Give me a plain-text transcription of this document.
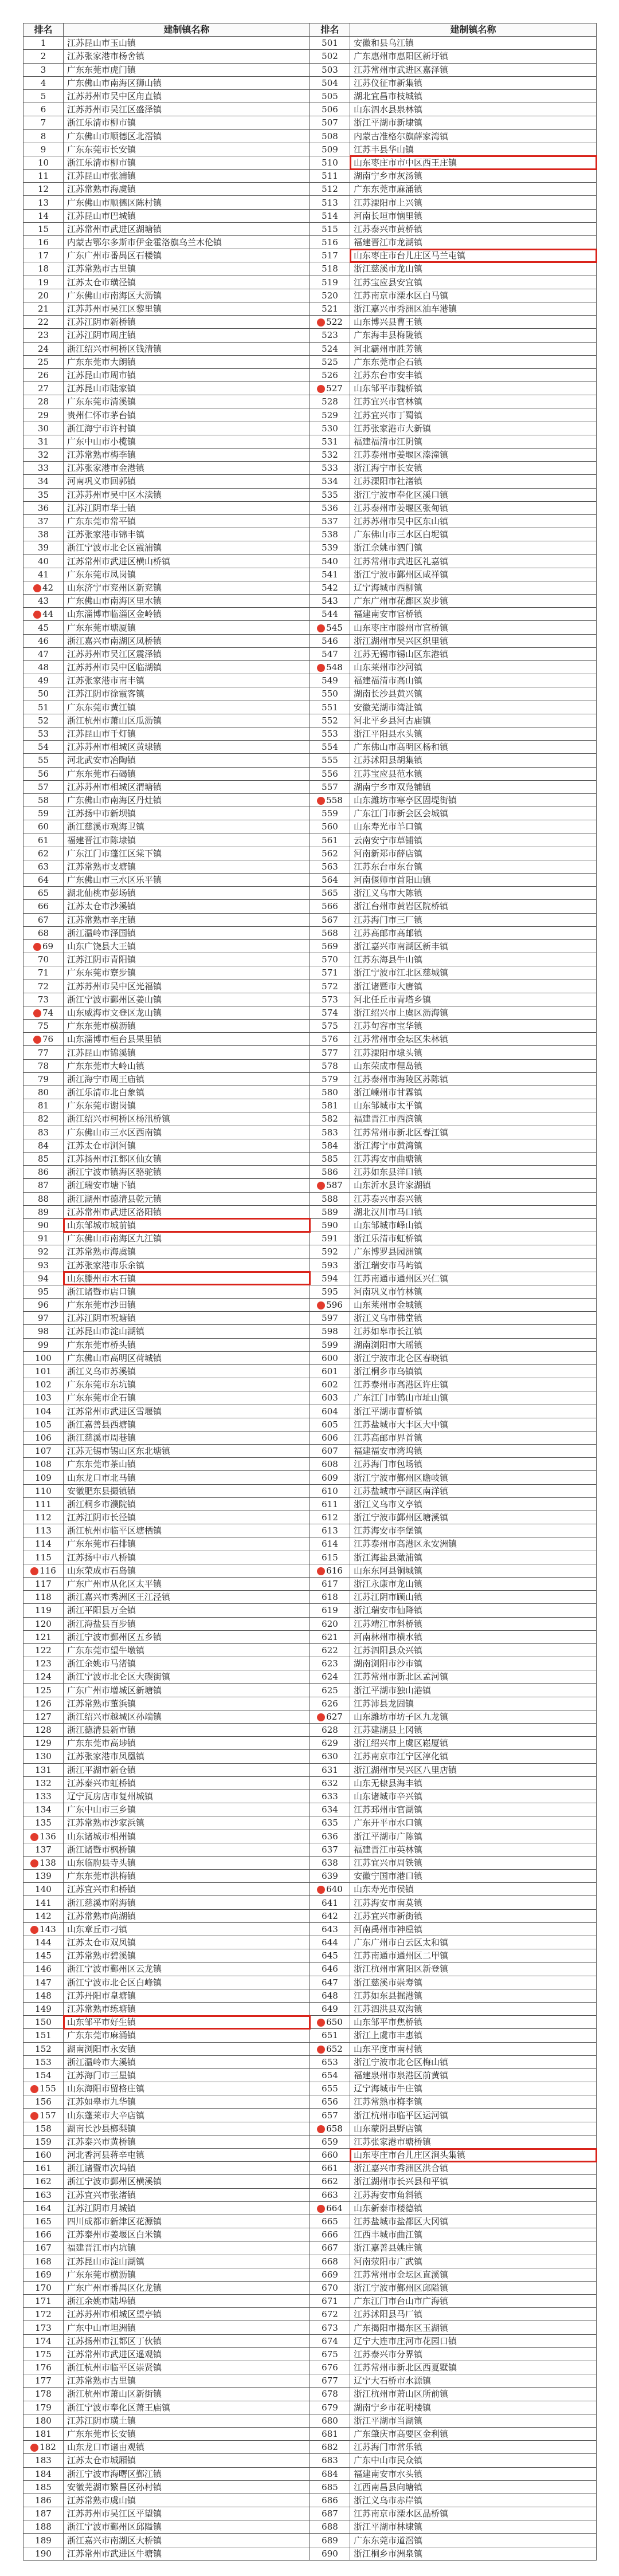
排名	建制镇名称	排名	建制镇名称
1	江苏昆山市玉山镇	501	安徽和县乌江镇
2	江苏张家港市杨舍镇	502	广东惠州市惠阳区新圩镇
3	广东东莞市虎门镇	503	江苏常州市武进区嘉泽镇
4	广东佛山市南海区狮山镇	504	江苏仪征市新集镇
5	江苏苏州市吴中区甪直镇	505	湖北宜昌市枝城镇
6	江苏苏州市吴江区盛泽镇	506	山东泗水县泉林镇
7	浙江乐清市柳市镇	507	浙江平湖市新埭镇
8	广东佛山市顺德区北滘镇	508	内蒙古准格尔旗薛家湾镇
9	广东东莞市长安镇	509	江苏丰县华山镇
10	浙江乐清市柳市镇	510	山东枣庄市市中区西王庄镇
11	江苏昆山市张浦镇	511	湖南宁乡市灰汤镇
12	江苏常熟市海虞镇	512	广东东莞市麻涌镇
13	广东佛山市顺德区陈村镇	513	江苏溧阳市上兴镇
14	江苏昆山市巴城镇	514	河南长垣市恼里镇
15	江苏常州市武进区湖塘镇	515	江苏泰兴市黄桥镇
16	内蒙古鄂尔多斯市伊金霍洛旗乌兰木伦镇	516	福建晋江市龙湖镇
17	广东广州市番禺区石楼镇	517	山东枣庄市台儿庄区马兰屯镇
18	江苏常熟市古里镇	518	浙江慈溪市龙山镇
19	江苏太仓市璜泾镇	519	江苏宝应县安宜镇
20	广东佛山市南海区大沥镇	520	江苏南京市溧水区白马镇
21	江苏苏州市吴江区黎里镇	521	浙江嘉兴市秀洲区油车港镇
22	江苏江阴市新桥镇	522	山东博兴县曹王镇
23	江苏江阴市周庄镇	523	广东海丰县梅陇镇
24	浙江绍兴市柯桥区钱清镇	524	河北霸州市胜芳镇
25	广东东莞市大朗镇	525	广东东莞市企石镇
26	江苏昆山市周市镇	526	江苏东台市安丰镇
27	江苏昆山市陆家镇	527	山东邹平市魏桥镇
28	广东东莞市清溪镇	528	江苏宜兴市官林镇
29	贵州仁怀市茅台镇	529	江苏宜兴市丁蜀镇
30	浙江海宁市许村镇	530	江苏张家港市大新镇
31	广东中山市小榄镇	531	福建福清市江阴镇
32	江苏常熟市梅李镇	532	江苏泰州市姜堰区溱潼镇
33	江苏张家港市金港镇	533	浙江海宁市长安镇
34	河南巩义市回郭镇	534	江苏溧阳市社渚镇
35	江苏苏州市吴中区木渎镇	535	浙江宁波市奉化区溪口镇
36	江苏江阴市华士镇	536	江苏泰州市姜堰区张甸镇
37	广东东莞市常平镇	537	江苏苏州市吴中区东山镇
38	江苏张家港市锦丰镇	538	广东佛山市三水区白坭镇
39	浙江宁波市北仑区霞浦镇	539	浙江余姚市泗门镇
40	江苏常州市武进区横山桥镇	540	江苏常州市武进区礼嘉镇
41	广东东莞市凤岗镇	541	浙江宁波市鄞州区咸祥镇
42	山东济宁市兖州区新兖镇	542	辽宁海城市西柳镇
43	广东佛山市南海区里水镇	543	广东广州市花都区炭步镇
44	山东淄博市临淄区金岭镇	544	福建南安市官桥镇
45	广东东莞市塘厦镇	545	山东枣庄市滕州市官桥镇
46	浙江嘉兴市南湖区凤桥镇	546	浙江湖州市吴兴区织里镇
47	江苏苏州市吴江区震泽镇	547	江苏无锡市锡山区东港镇
48	江苏苏州市吴中区临湖镇	548	山东莱州市沙河镇
49	江苏张家港市南丰镇	549	福建福清市高山镇
50	江苏江阴市徐霞客镇	550	湖南长沙县黄兴镇
51	广东东莞市黄江镇	551	安徽芜湖市湾沚镇
52	浙江杭州市萧山区瓜沥镇	552	河北平乡县河古庙镇
53	江苏昆山市千灯镇	553	浙江平阳县水头镇
54	江苏苏州市相城区黄埭镇	554	广东佛山市高明区杨和镇
55	河北武安市冶陶镇	555	江苏沭阳县胡集镇
56	广东东莞市石碣镇	556	江苏宝应县范水镇
57	江苏苏州市相城区渭塘镇	557	湖南宁乡市双凫铺镇
58	广东佛山市南海区丹灶镇	558	山东潍坊市寒亭区固堤街镇
59	江苏扬中市新坝镇	559	广东江门市新会区会城镇
60	浙江慈溪市观海卫镇	560	山东寿光市羊口镇
61	福建晋江市陈埭镇	561	云南安宁市草铺镇
62	广东江门市蓬江区棠下镇	562	河南新郑市薛店镇
63	江苏常熟市支塘镇	563	江苏东台市东台镇
64	广东佛山市三水区乐平镇	564	河南偃师市首阳山镇
65	湖北仙桃市彭场镇	565	浙江义乌市大陈镇
66	江苏太仓市沙溪镇	566	浙江台州市黄岩区院桥镇
67	江苏常熟市辛庄镇	567	江苏海门市三厂镇
68	浙江温岭市泽国镇	568	江苏高邮市高邮镇
69	山东广饶县大王镇	569	浙江嘉兴市南湖区新丰镇
70	江苏江阴市青阳镇	570	江苏东海县牛山镇
71	广东东莞市寮步镇	571	浙江宁波市江北区慈城镇
72	江苏苏州市吴中区光福镇	572	浙江诸暨市大唐镇
73	浙江宁波市鄞州区姜山镇	573	河北任丘市青塔乡镇
74	山东威海市文登区龙山镇	574	浙江绍兴市上虞区沥海镇
75	广东东莞市横沥镇	575	江苏句容市宝华镇
76	山东淄博市桓台县果里镇	576	江苏常州市金坛区朱林镇
77	江苏昆山市锦溪镇	577	江苏溧阳市埭头镇
78	广东东莞市大岭山镇	578	山东荣成市俚岛镇
79	浙江海宁市周王庙镇	579	江苏泰州市海陵区苏陈镇
80	浙江乐清市北白象镇	580	浙江嵊州市甘霖镇
81	广东东莞市谢岗镇	581	山东邹城市太平镇
82	浙江绍兴市柯桥区杨汛桥镇	582	福建晋江市西滨镇
83	广东佛山市三水区西南镇	583	江苏常州市新北区春江镇
84	江苏太仓市浏河镇	584	浙江海宁市黄湾镇
85	江苏扬州市江都区仙女镇	585	江苏海安市曲塘镇
86	浙江宁波市镇海区骆驼镇	586	江苏如东县洋口镇
87	浙江瑞安市塘下镇	587	山东沂水县许家湖镇
88	浙江湖州市德清县乾元镇	588	江苏泰兴市泰兴镇
89	江苏常州市武进区洛阳镇	589	湖北汉川市马口镇
90	山东邹城市城前镇	590	山东邹城市峄山镇
91	广东佛山市南海区九江镇	591	浙江乐清市虹桥镇
92	江苏常熟市海虞镇	592	广东博罗县园洲镇
93	江苏张家港市乐余镇	593	浙江瑞安市马屿镇
94	山东滕州市木石镇	594	江苏南通市通州区兴仁镇
95	浙江诸暨市店口镇	595	河南巩义市竹林镇
96	广东东莞市沙田镇	596	山东莱州市金城镇
97	江苏江阴市祝塘镇	597	浙江义乌市佛堂镇
98	江苏昆山市淀山湖镇	598	江苏如皋市长江镇
99	广东东莞市桥头镇	599	湖南浏阳市大瑶镇
100	广东佛山市高明区荷城镇	600	浙江宁波市北仑区春晓镇
101	浙江义乌市苏溪镇	601	浙江桐乡市乌镇镇
102	广东东莞市东坑镇	602	江苏泰州市高港区许庄镇
103	广东东莞市企石镇	603	广东江门市鹤山市址山镇
104	江苏常州市武进区雪堰镇	604	浙江平湖市曹桥镇
105	浙江嘉善县西塘镇	605	江苏盐城市大丰区大中镇
106	浙江慈溪市周巷镇	606	江苏高邮市界首镇
107	江苏无锡市锡山区东北塘镇	607	福建福安市湾坞镇
108	广东东莞市茶山镇	608	江苏海门市包场镇
109	山东龙口市北马镇	609	浙江宁波市鄞州区瞻岐镇
110	安徽肥东县撮镇镇	610	江苏盐城市亭湖区南洋镇
111	浙江桐乡市濮院镇	611	浙江义乌市义亭镇
112	江苏江阴市长泾镇	612	浙江宁波市鄞州区塘溪镇
113	浙江杭州市临平区塘栖镇	613	江苏海安市李堡镇
114	广东东莞市石排镇	614	江苏泰州市高港区永安洲镇
115	江苏扬中市八桥镇	615	浙江海盐县澉浦镇
116	山东荣成市石岛镇	616	山东东阿县铜城镇
117	广东广州市从化区太平镇	617	浙江永康市龙山镇
118	浙江嘉兴市秀洲区王江泾镇	618	江苏江阴市顾山镇
119	浙江平阳县万全镇	619	浙江瑞安市仙降镇
120	浙江海盐县百步镇	620	江苏靖江市斜桥镇
121	浙江宁波市鄞州区五乡镇	621	河南林州市横水镇
122	广东东莞市望牛墩镇	622	江苏泗阳县众兴镇
123	浙江余姚市马渚镇	623	湖南浏阳市沙市镇
124	浙江宁波市北仑区大碶街镇	624	江苏常州市新北区孟河镇
125	广东广州市增城区新塘镇	625	浙江平湖市独山港镇
126	江苏常熟市董浜镇	626	江苏沛县龙固镇
127	浙江绍兴市越城区孙端镇	627	山东潍坊市坊子区九龙镇
128	浙江德清县新市镇	628	江苏建湖县上冈镇
129	广东东莞市高埗镇	629	浙江绍兴市上虞区崧厦镇
130	江苏张家港市凤凰镇	630	江苏南京市江宁区淳化镇
131	浙江平湖市新仓镇	631	浙江湖州市吴兴区八里店镇
132	江苏泰兴市虹桥镇	632	山东无棣县海丰镇
133	辽宁瓦房店市复州城镇	633	山东诸城市辛兴镇
134	广东中山市三乡镇	634	江苏邳州市官湖镇
135	江苏常熟市沙家浜镇	635	广东开平市水口镇
136	山东诸城市相州镇	636	浙江平湖市广陈镇
137	浙江诸暨市枫桥镇	637	福建晋江市英林镇
138	山东临朐县寺头镇	638	江苏宜兴市周铁镇
139	广东东莞市洪梅镇	639	安徽宁国市港口镇
140	江苏宜兴市和桥镇	640	山东寿光市侯镇
141	浙江慈溪市附海镇	641	江苏海安市南莫镇
142	江苏常熟市尚湖镇	642	江苏宜兴市新街镇
143	山东章丘市刁镇	643	河南禹州市神垕镇
144	江苏太仓市双凤镇	644	广东广州市白云区太和镇
145	江苏常熟市碧溪镇	645	江苏南通市通州区二甲镇
146	浙江宁波市鄞州区云龙镇	646	浙江杭州市富阳区新登镇
147	浙江宁波市北仑区白峰镇	647	浙江慈溪市崇寿镇
148	江苏丹阳市皇塘镇	648	江苏如东县掘港镇
149	江苏常熟市练塘镇	649	江苏泗洪县双沟镇
150	山东邹平市好生镇	650	山东邹平市焦桥镇
151	广东东莞市麻涌镇	651	浙江上虞市丰惠镇
152	湖南浏阳市永安镇	652	山东平度市南村镇
153	浙江温岭市大溪镇	653	浙江宁波市北仑区梅山镇
154	江苏海门市三星镇	654	福建泉州市泉港区前黄镇
155	山东海阳市留格庄镇	655	辽宁海城市牛庄镇
156	江苏如皋市九华镇	656	江苏常熟市梅李镇
157	山东蓬莱市大辛店镇	657	浙江杭州市临平区运河镇
158	湖南长沙县榔梨镇	658	山东蒙阴县野店镇
159	江苏泰兴市黄桥镇	659	江苏张家港市塘桥镇
160	河北香河县蒋辛屯镇	660	山东枣庄市台儿庄区涧头集镇
161	浙江诸暨市次坞镇	661	浙江嘉兴市秀洲区洪合镇
162	浙江宁波市鄞州区横溪镇	662	浙江湖州市长兴县和平镇
163	江苏宜兴市张渚镇	663	江苏海安市角斜镇
164	江苏江阴市月城镇	664	山东新泰市楼德镇
165	四川成都市新津区花源镇	665	江苏盐城市盐都区大冈镇
166	江苏泰州市姜堰区白米镇	666	江西丰城市曲江镇
167	福建晋江市内坑镇	667	浙江嘉善县姚庄镇
168	江苏昆山市淀山湖镇	668	河南荥阳市广武镇
169	广东东莞市横沥镇	669	江苏常州市金坛区直溪镇
170	广东广州市番禺区化龙镇	670	浙江宁波市鄞州区邱隘镇
171	浙江余姚市陆埠镇	671	广东江门市台山市广海镇
172	江苏苏州市相城区望亭镇	672	江苏沭阳县马厂镇
173	广东中山市坦洲镇	673	广东揭阳市揭东区玉湖镇
174	江苏扬州市江都区丁伙镇	674	辽宁大连市庄河市花园口镇
175	江苏常州市武进区遥观镇	675	江苏泰兴市分界镇
176	浙江杭州市临平区崇贤镇	676	江苏常州市新北区西夏墅镇
177	江苏常熟市古里镇	677	辽宁大石桥市水源镇
178	浙江杭州市萧山区新街镇	678	浙江杭州市萧山区所前镇
179	浙江宁波市奉化区萧王庙镇	679	湖南宁乡市花明楼镇
180	江苏江阴市璜土镇	680	浙江平湖市当湖镇
181	广东东莞市长安镇	681	广东肇庆市高要区金利镇
182	山东龙口市诸由观镇	682	江苏海门市常乐镇
183	江苏太仓市城厢镇	683	广东中山市民众镇
184	浙江宁波市海曙区鄞江镇	684	福建南安市水头镇
185	安徽芜湖市繁昌区孙村镇	685	江西南昌县向塘镇
186	江苏常熟市虞山镇	686	浙江义乌市赤岸镇
187	江苏苏州市吴江区平望镇	687	江苏南京市溧水区晶桥镇
188	浙江宁波市鄞州区邱隘镇	688	浙江平湖市林埭镇
189	浙江嘉兴市南湖区大桥镇	689	广东东莞市道滘镇
190	江苏常州市武进区牛塘镇	690	浙江桐乡市洲泉镇
